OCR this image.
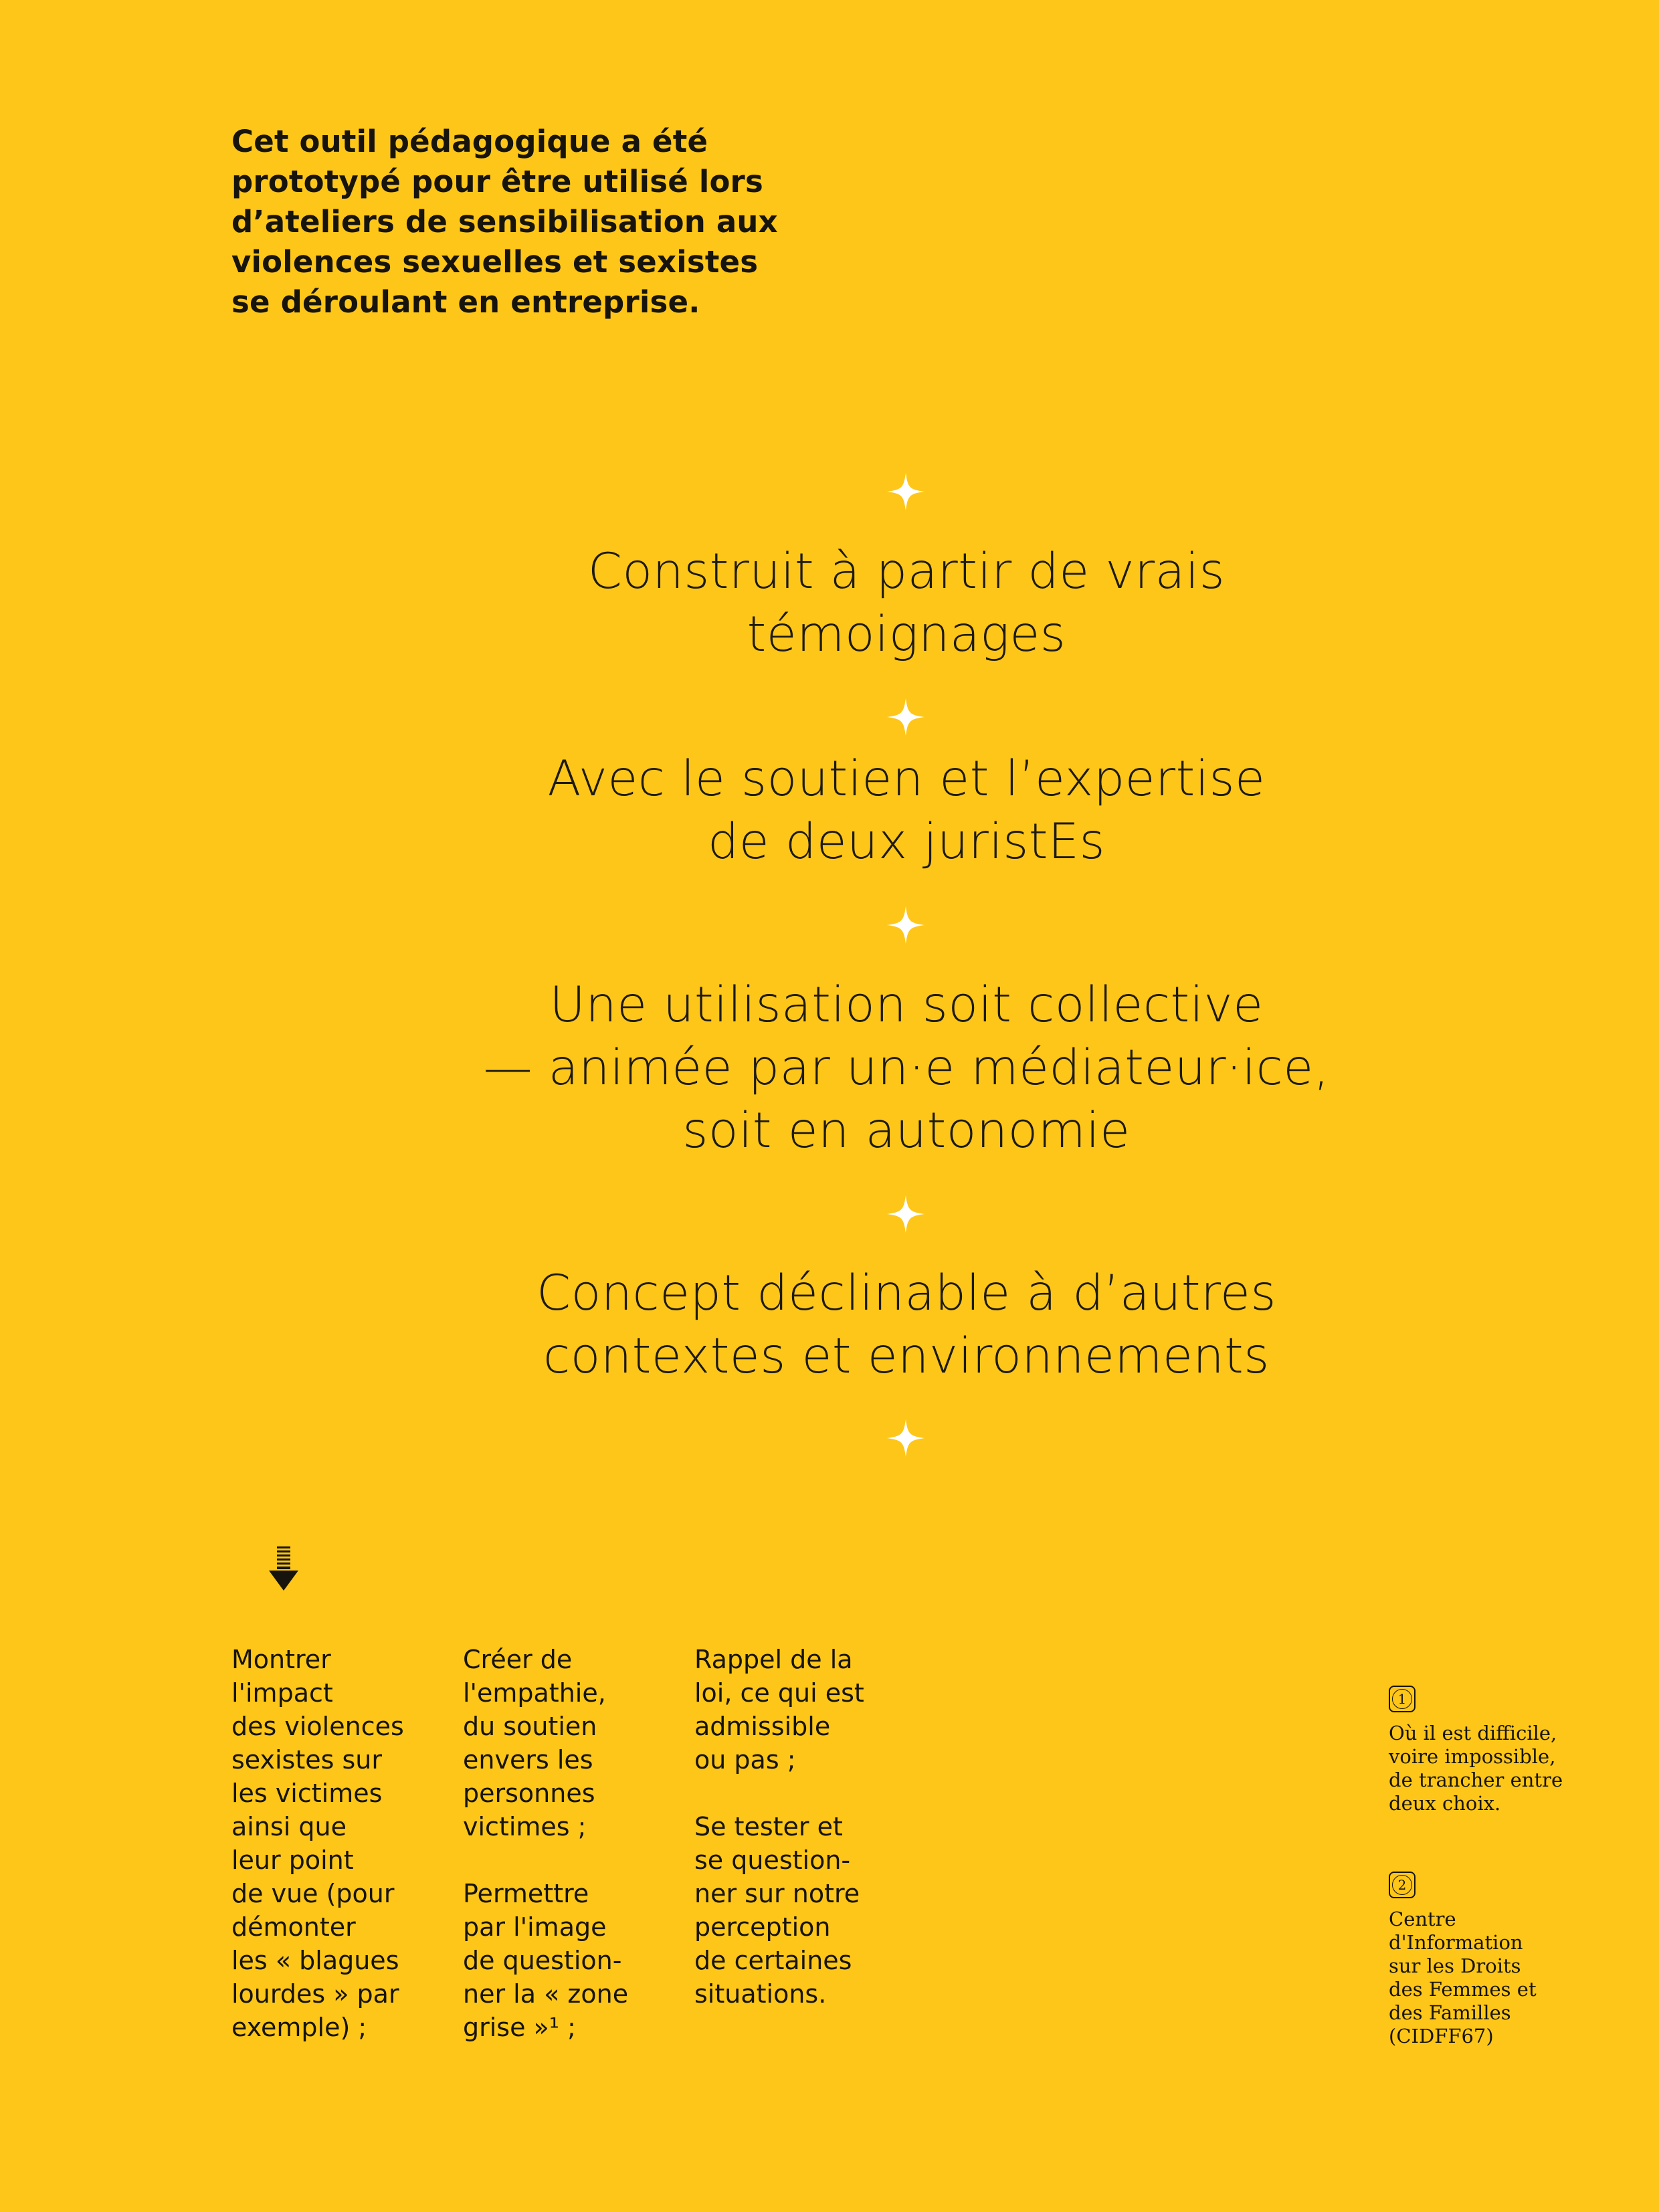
Cet outil pédagogique a été
prototypé pour être utilisé lors
d’ateliers de sensibilisation aux
violences sexuelles et sexistes
se déroulant en entreprise.
Construit à partir de vrais
témoignages
Avec le soutien et l’expertise
de deux juristEs
Une utilisation soit collective
— animée par un·e médiateur·ice,
soit en autonomie
Concept déclinable à d’autres
contextes et environnements
Montrer
l'impact
des violences
sexistes sur
les victimes
ainsi que
leur point
de vue (pour
démonter
les « blagues
lourdes » par
exemple) ;
Créer de
l'empathie,
du soutien
envers les
personnes
victimes ;
Permettre
par l'image
de question-
ner la « zone
grise »¹ ;
Rappel de la
loi, ce qui est
admissible
ou pas ;
Se tester et
se question-
ner sur notre
perception
de certaines
situations.
1
Où il est difficile,
voire impossible,
de trancher entre
deux choix.
2
Centre
d'Information
sur les Droits
des Femmes et
des Familles
(CIDFF67)
